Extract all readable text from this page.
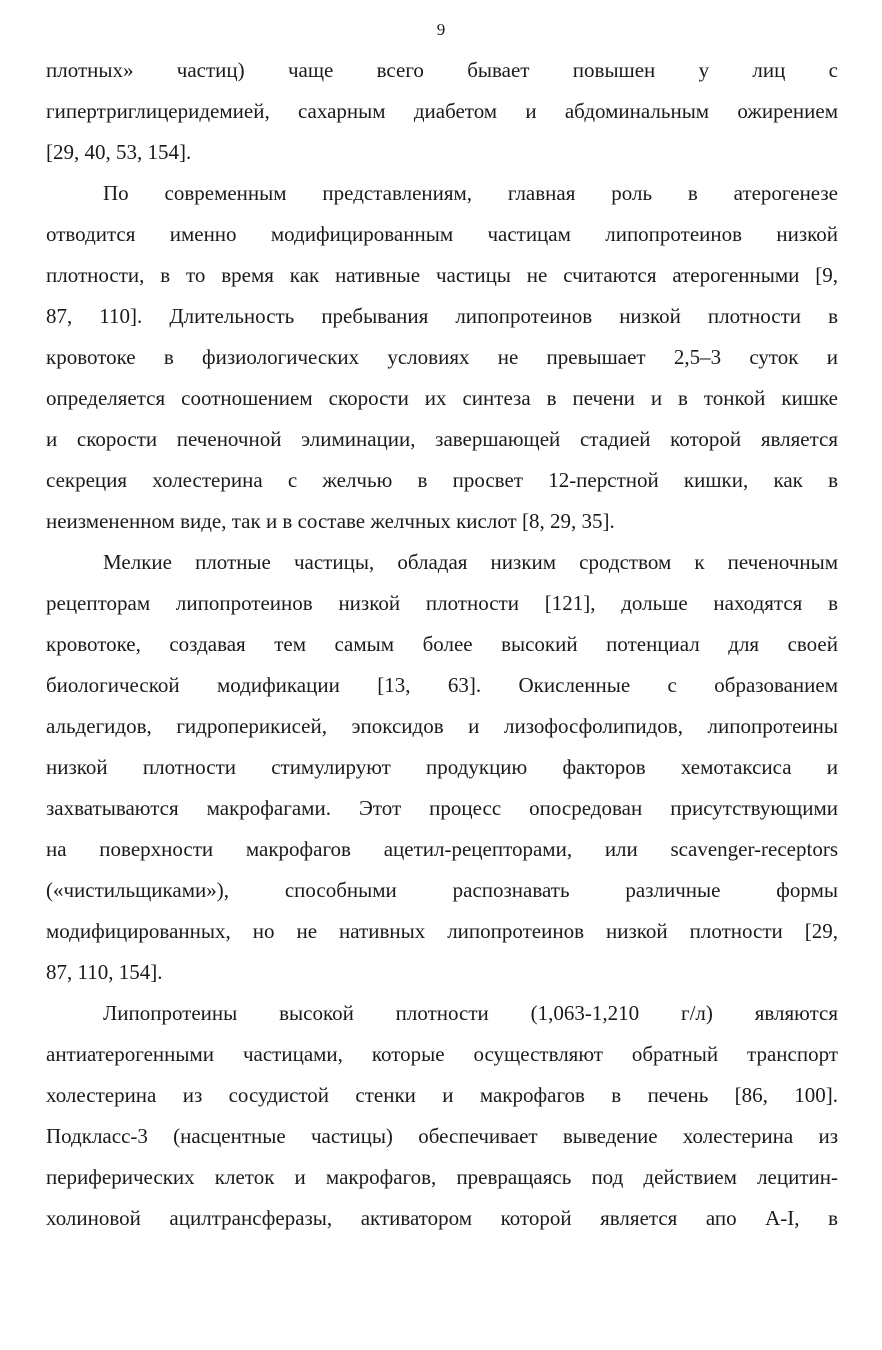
9

плотных» частиц) чаще всего бывает повышен у лиц с
гипертриглицеридемией, сахарным диабетом и абдоминальным ожирением
[29, 40, 53, 154].

По современным представлениям, главная роль в атерогенезе
отводится именно модифицированным частицам липопротеинов низкой
плотности, в то время как нативные частицы не считаются атерогенными [9,
87, 110]. Длительность пребывания липопротеинов низкой плотности в
кровотоке в физиологических условиях не превышает 2,5–3 суток и
определяется соотношением скорости их синтеза в печени и в тонкой кишке
и скорости печеночной элиминации, завершающей стадией которой является
секреция холестерина с желчью в просвет 12-перстной кишки, как в
неизмененном виде, так и в составе желчных кислот [8, 29, 35].

Мелкие плотные частицы, обладая низким сродством к печеночным
рецепторам липопротеинов низкой плотности [121], дольше находятся в
кровотоке, создавая тем самым более высокий потенциал для своей
биологической модификации [13, 63]. Окисленные с образованием
альдегидов, гидроперикисей, эпоксидов и лизофосфолипидов, липопротеины
низкой плотности стимулируют продукцию факторов хемотаксиса и
захватываются макрофагами. Этот процесс опосредован присутствующими
на поверхности макрофагов ацетил-рецепторами, или scavenger-receptors
(«чистильщиками»), способными распознавать различные формы
модифицированных, но не нативных липопротеинов низкой плотности [29,
87, 110, 154].

Липопротеины высокой плотности (1,063-1,210 г/л) являются
антиатерогенными частицами, которые осуществляют обратный транспорт
холестерина из сосудистой стенки и макрофагов в печень [86, 100].
Подкласс-3 (насцентные частицы) обеспечивает выведение холестерина из
периферических клеток и макрофагов, превращаясь под действием лецитин-
холиновой ацилтрансферазы, активатором которой является апо A-I, в
